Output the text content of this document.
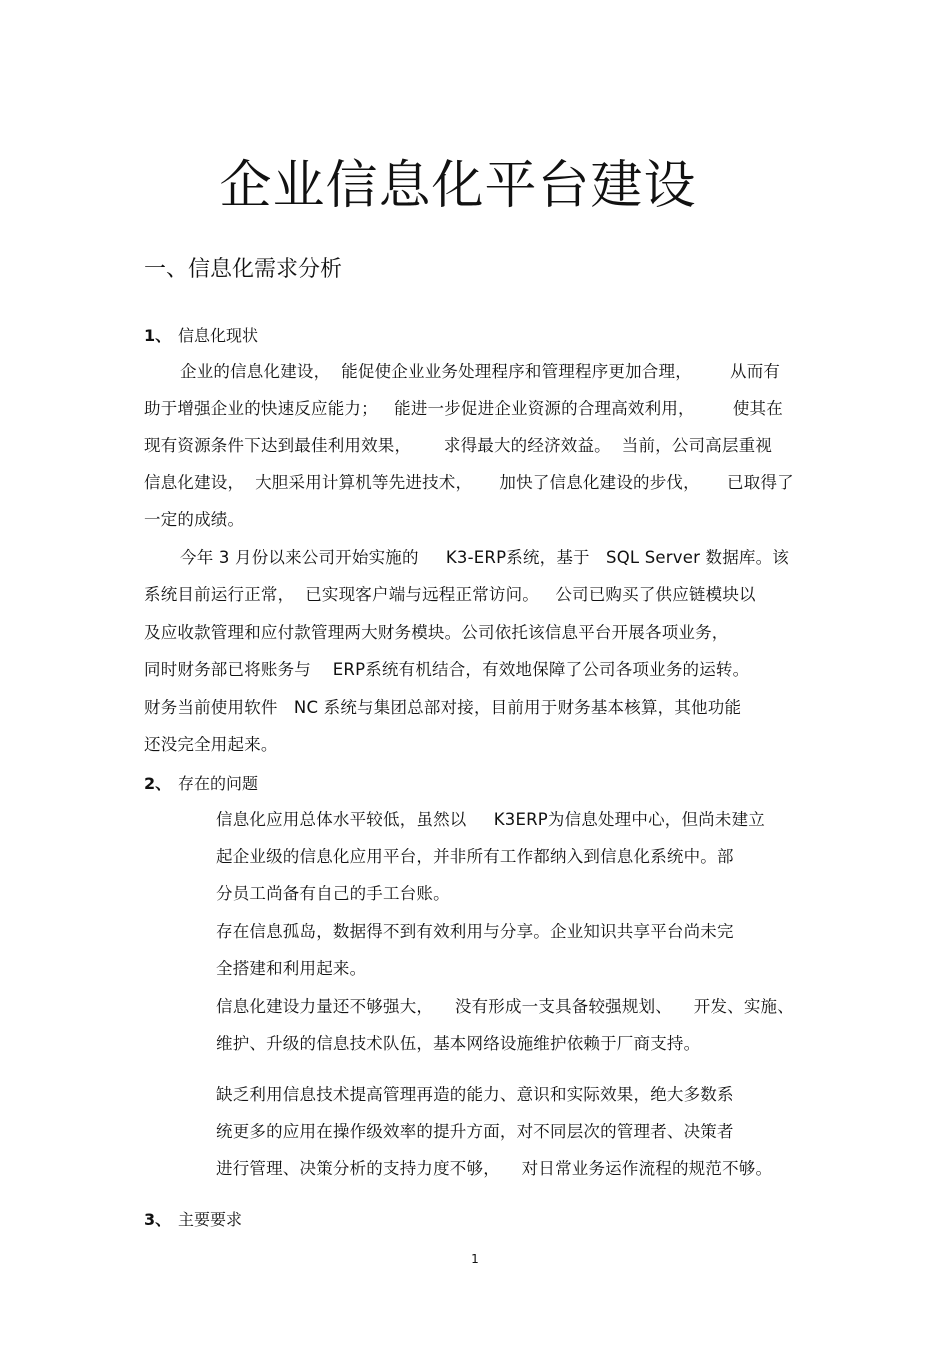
企业信息化平台建设
一、信息化需求分析
1、 信息化现状
企业的信息化建设，  能促使企业业务处理程序和管理程序更加合理，       从而有
助于增强企业的快速反应能力；   能进一步促进企业资源的合理高效利用，       使其在
现有资源条件下达到最佳利用效果，      求得最大的经济效益。  当前，公司高层重视
信息化建设，  大胆采用计算机等先进技术，     加快了信息化建设的步伐，     已取得了
一定的成绩。
今年 3 月份以来公司开始实施的     K3-ERP系统，基于   SQL Server 数据库。该
系统目前运行正常，  已实现客户端与远程正常访问。   公司已购买了供应链模块以
及应收款管理和应付款管理两大财务模块。公司依托该信息平台开展各项业务，
同时财务部已将账务与    ERP系统有机结合，有效地保障了公司各项业务的运转。
财务当前使用软件   NC 系统与集团总部对接，目前用于财务基本核算，其他功能
还没完全用起来。
2、 存在的问题
信息化应用总体水平较低，虽然以     K3ERP为信息处理中心，但尚未建立
起企业级的信息化应用平台，并非所有工作都纳入到信息化系统中。部
分员工尚备有自己的手工台账。
存在信息孤岛，数据得不到有效利用与分享。企业知识共享平台尚未完
全搭建和利用起来。
信息化建设力量还不够强大，    没有形成一支具备较强规划、    开发、实施、
维护、升级的信息技术队伍，基本网络设施维护依赖于厂商支持。
缺乏利用信息技术提高管理再造的能力、意识和实际效果，绝大多数系
统更多的应用在操作级效率的提升方面，对不同层次的管理者、决策者
进行管理、决策分析的支持力度不够，    对日常业务运作流程的规范不够。
3、 主要要求
1
